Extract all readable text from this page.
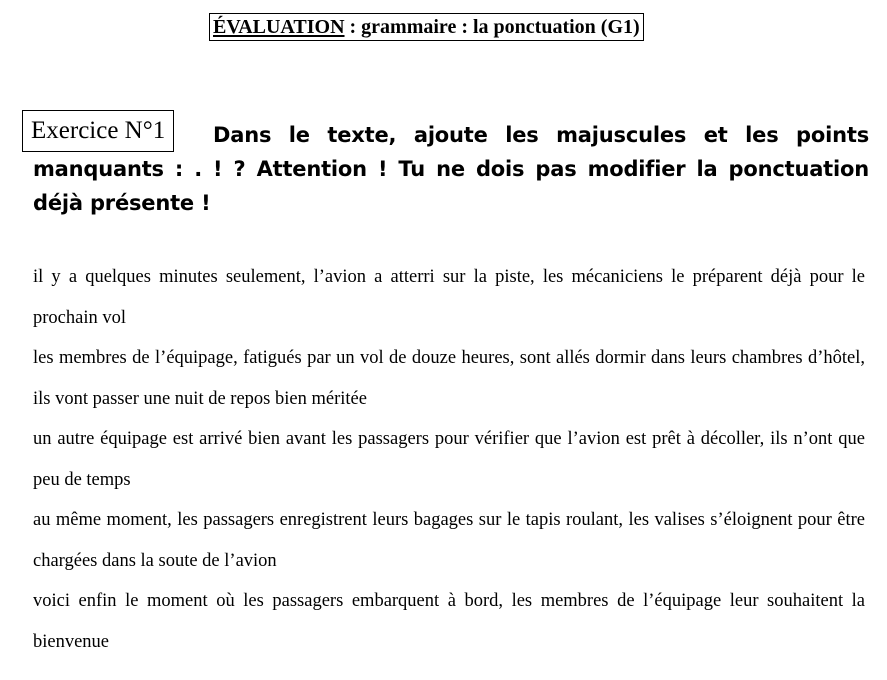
ÉVALUATION : grammaire : la ponctuation (G1)
Dans le texte, ajoute les majuscules et les points manquants : . ! ? Attention ! Tu ne dois pas modifier la ponctuation déjà présente !
Exercice N°1

il y a quelques minutes seulement, l’avion a atterri sur la piste, les mécaniciens le préparent déjà pour le prochain vol

les membres de l’équipage, fatigués par un vol de douze heures, sont allés dormir dans leurs chambres d’hôtel, ils vont passer une nuit de repos bien méritée

un autre équipage est arrivé bien avant les passagers pour vérifier que l’avion est prêt à décoller, ils n’ont que peu de temps

au même moment, les passagers enregistrent leurs bagages sur le tapis roulant, les valises s’éloignent pour être chargées dans la soute de l’avion

voici enfin le moment où les passagers embarquent à bord, les membres de l’équipage leur souhaitent la bienvenue
